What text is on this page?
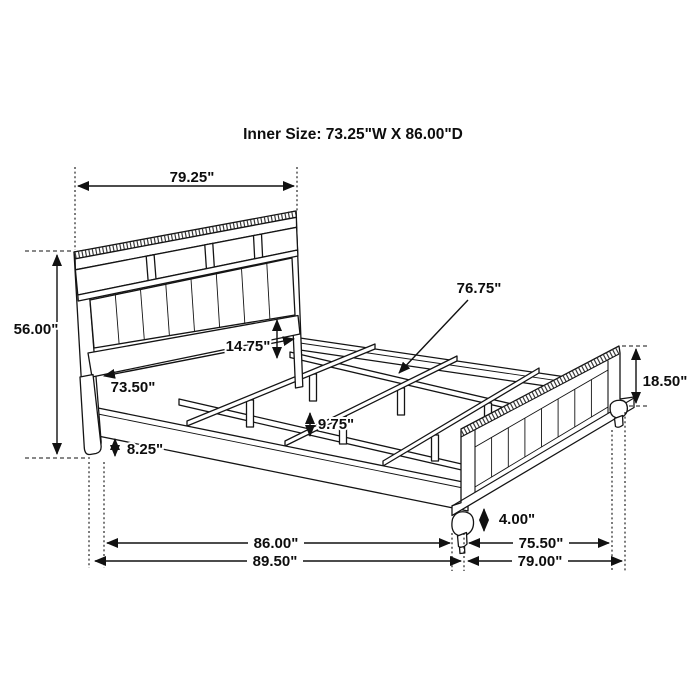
Inner Size: 73.25"W X 86.00"D
79.25"
56.00"
76.75"
14.75"
73.50"
8.25"
9.75"
18.50"
4.00"
86.00"
89.50"
75.50"
79.00"
